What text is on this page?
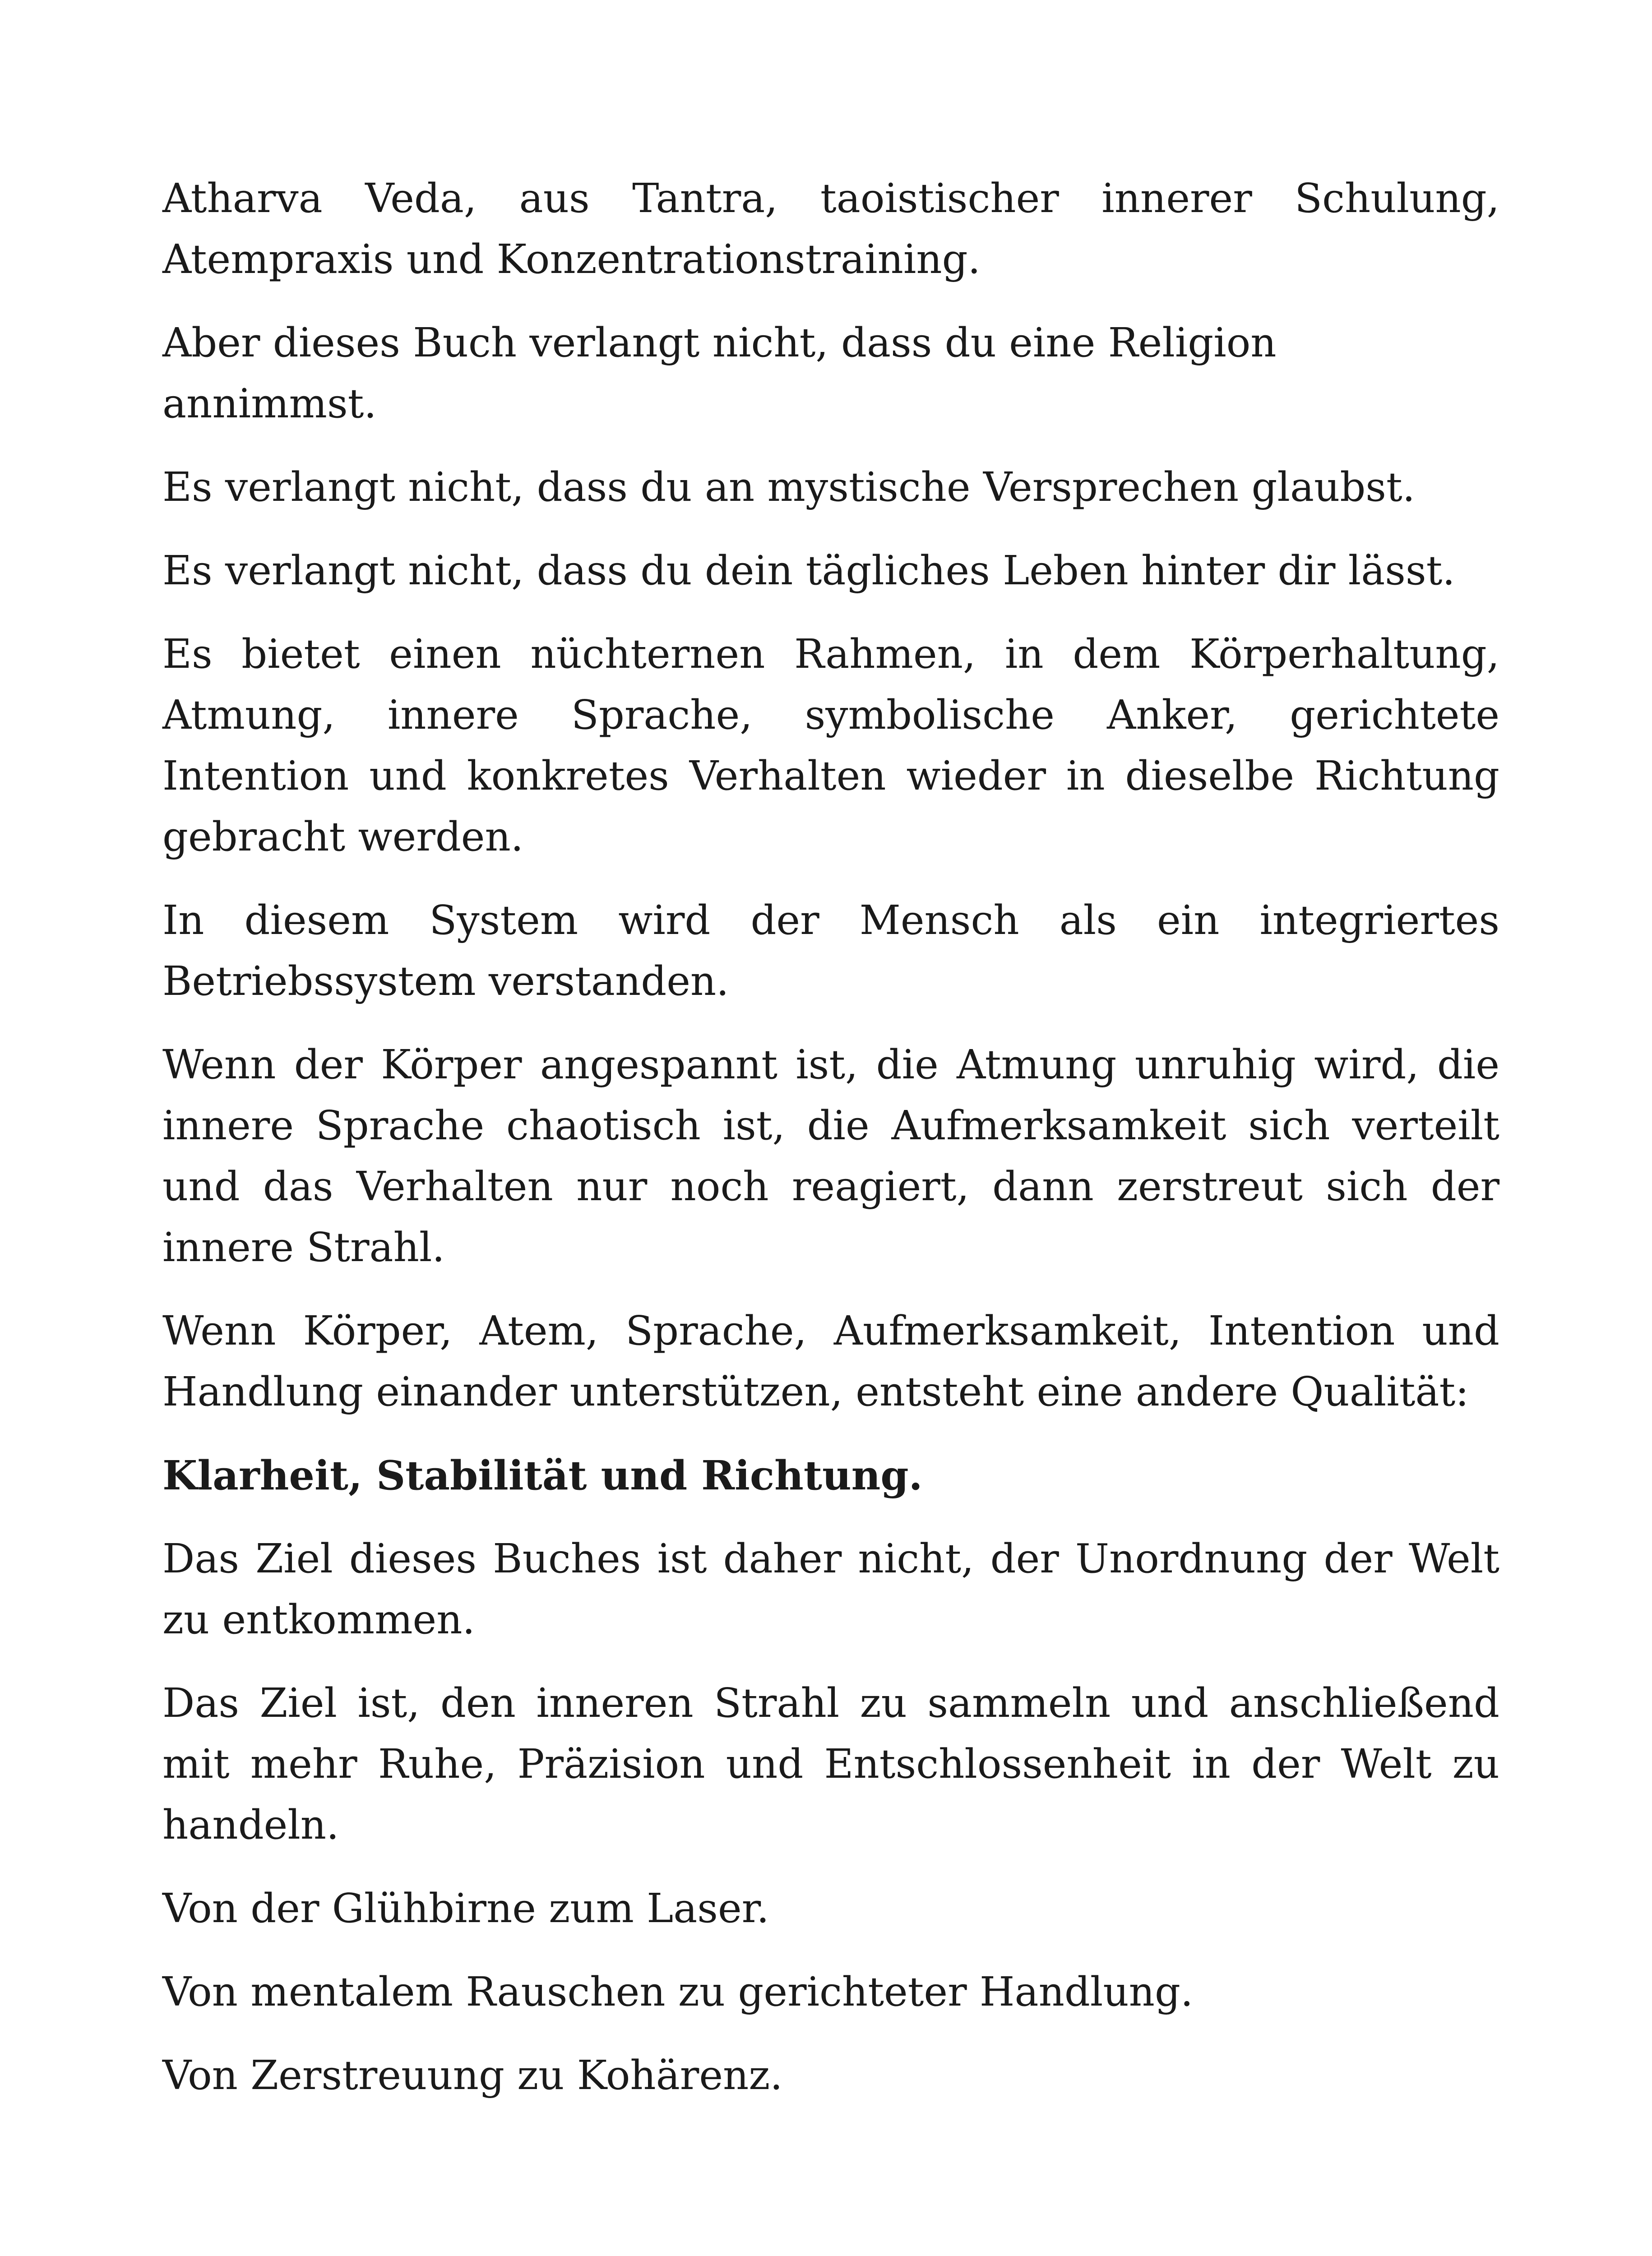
Atharva Veda, aus Tantra, taoistischer innerer Schulung, Atempraxis und Konzentrationstraining.

Aber dieses Buch verlangt nicht, dass du eine Religion annimmst.

Es verlangt nicht, dass du an mystische Versprechen glaubst.

Es verlangt nicht, dass du dein tägliches Leben hinter dir lässt.

Es bietet einen nüchternen Rahmen, in dem Körperhaltung, Atmung, innere Sprache, symbolische Anker, gerichtete Intention und konkretes Verhalten wieder in dieselbe Richtung gebracht werden.

In diesem System wird der Mensch als ein integriertes Betriebssystem verstanden.

Wenn der Körper angespannt ist, die Atmung unruhig wird, die innere Sprache chaotisch ist, die Aufmerksamkeit sich verteilt und das Verhalten nur noch reagiert, dann zerstreut sich der innere Strahl.

Wenn Körper, Atem, Sprache, Aufmerksamkeit, Intention und Handlung einander unterstützen, entsteht eine andere Qualität:

Klarheit, Stabilität und Richtung.

Das Ziel dieses Buches ist daher nicht, der Unordnung der Welt zu entkommen.

Das Ziel ist, den inneren Strahl zu sammeln und anschließend mit mehr Ruhe, Präzision und Entschlossenheit in der Welt zu handeln.

Von der Glühbirne zum Laser.

Von mentalem Rauschen zu gerichteter Handlung.

Von Zerstreuung zu Kohärenz.
